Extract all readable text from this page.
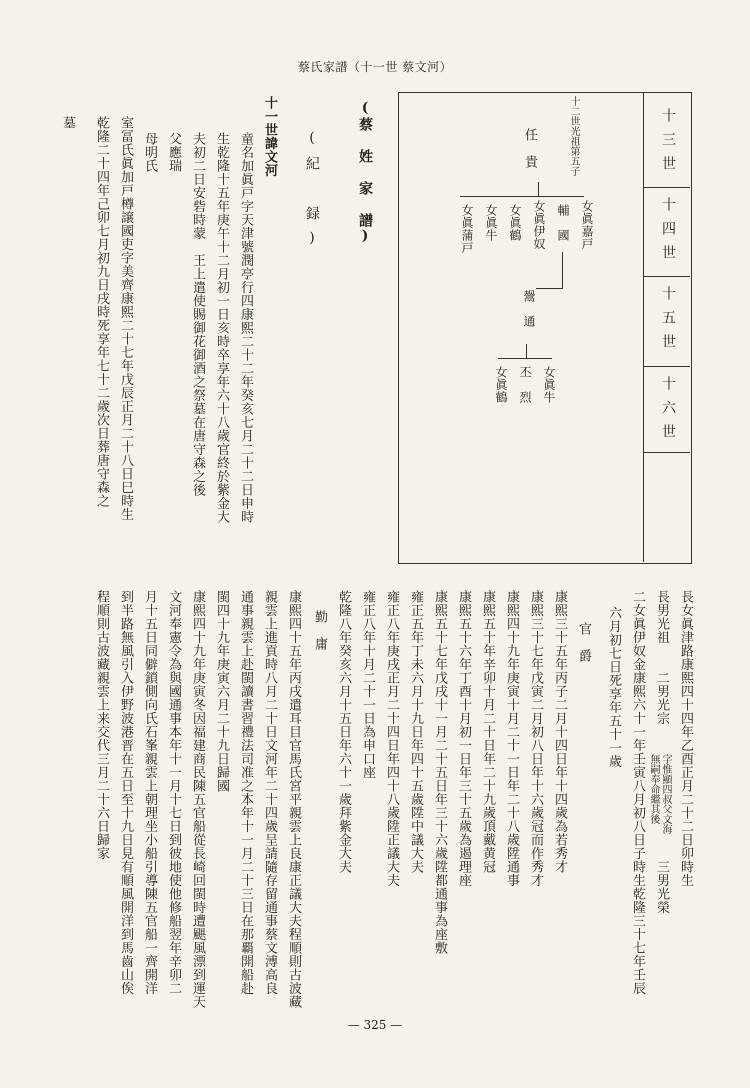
蔡氏家譜（十一世 蔡文河）
十三世
十四世
十五世
十六世
十二世光祖第五子
任　貴
女眞嘉戸
輔　國
女眞伊奴
女眞鶴
女眞牛
女眞蒲戸
鬶　通
女眞牛
丕　烈
女眞鶴
(蔡 姓 家 譜)
(紀 録)
十一世諱文河
童名加眞戸字天津號潤亭行四康熙二十二年癸亥七月二十二日申時
生乾隆十五年庚午十二月初一日亥時卒享年六十八歲官終於紫金大
夫初二日安砦時蒙　王上遣使賜御花御酒之祭墓在唐守森之後
父應瑞
母明氏
室冨氏眞加戸樽譲國吏字美齊康熙二十七年戊辰正月二十八日巳時生
乾隆二十四年己卯七月初九日戌時死享年七十二歲次日葬唐守森之
墓
長女眞津路康熙四十四年乙酉正月二十二日卯時生
長男光祖　　二男光宗
字惟顯四叔父文海
無嗣奉命繼其後
三男光榮
二女眞伊奴金康熙六十一年壬寅八月初八日子時生乾隆三十七年壬辰
六月初七日死享年五十一歲
官　爵
康熙三十五年丙子二月十四日年十四歲為若秀才
康熙三十七年戊寅二月初八日年十六歲冠而作秀才
康熙四十九年庚寅十月二十一日年二十八歲陞通事
康熙五十年辛卯十月二十日年二十九歲頂戴黄冠
康熙五十六年丁酉十月初一日年三十五歲為遏理座
康熙五十七年戊戌十一月二十五日年三十六歲陞都通事為座敷
雍正五年丁未六月十九日年四十五歲陞中議大夫
雍正八年庚戌正月二十四日年四十八歲陞正議大夫
雍正八年十月二十一日為申口座
乾隆八年癸亥六月十五日年六十一歲拜紫金大夫
勤　庸
康熙四十五年丙戌遣耳目官馬氏宮平親雲上良康正議大夫程順則古波藏
親雲上進貢時八月二十日文河年二十四歲呈請隨存留通事蔡文溥高良
通事親雲上赴閩讀書習禮法司准之本年十一月二十三日在那覇開船赴
閩四十九年庚寅六月二十九日歸國
康熙四十九年庚寅冬因福建商民陳五官船從長崎回閩時遭颶風漂到運天
文河奉憲令為與國通事本年十一月十七日到彼地使他修船翌年辛卯二
月十五日同僻鎖側向氏石峯親雲上朝理坐小船引導陳五官船一齊開洋
到半路無風引入伊野波港晋在五日至十九日見有順風開洋到馬齒山俟
程順則古波藏親雲上来交代三月二十六日歸家
— 325 —
